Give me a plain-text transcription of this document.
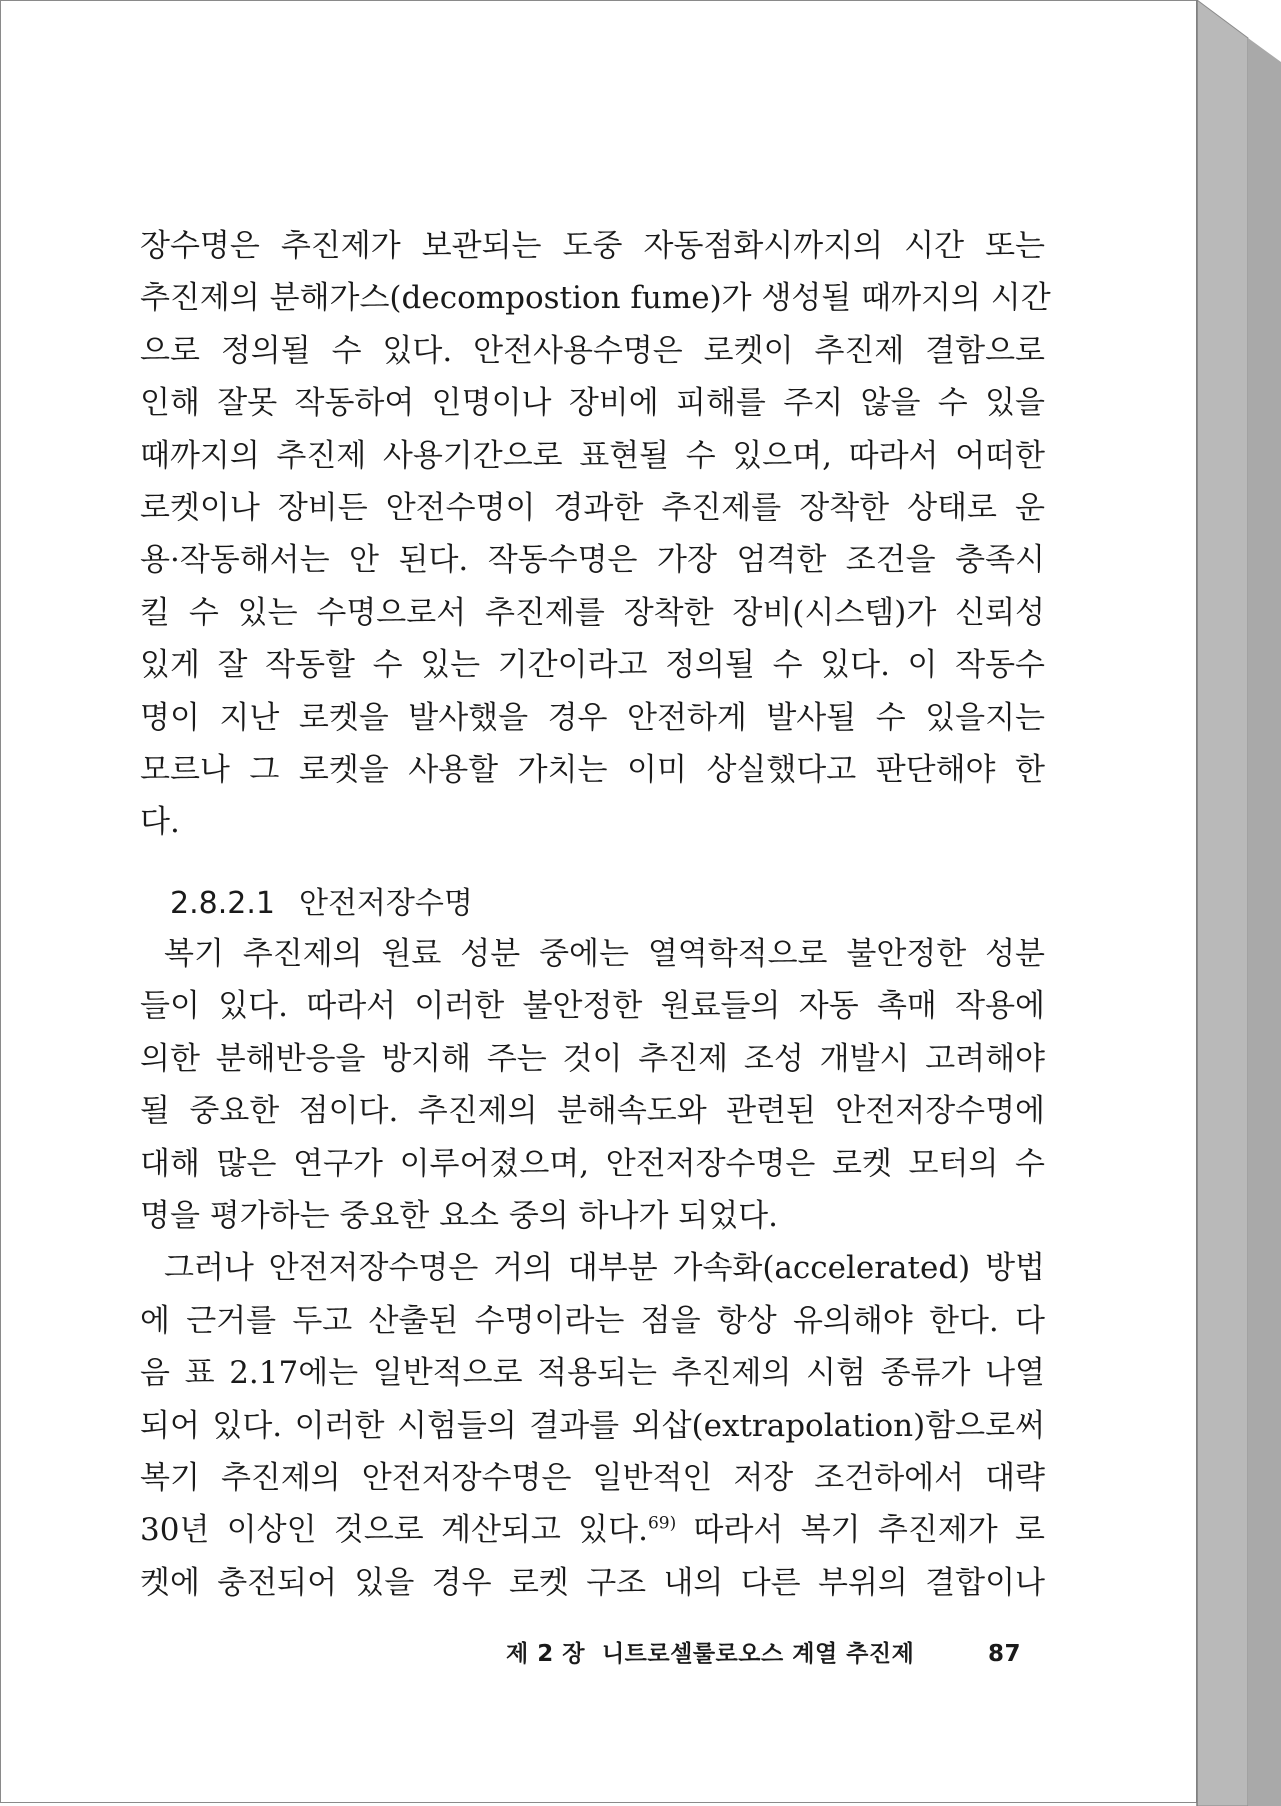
장수명은 추진제가 보관되는 도중 자동점화시까지의 시간 또는
추진제의 분해가스(decompostion fume)가 생성될 때까지의 시간
으로 정의될 수 있다. 안전사용수명은 로켓이 추진제 결함으로
인해 잘못 작동하여 인명이나 장비에 피해를 주지 않을 수 있을
때까지의 추진제 사용기간으로 표현될 수 있으며, 따라서 어떠한
로켓이나 장비든 안전수명이 경과한 추진제를 장착한 상태로 운
용·작동해서는 안 된다. 작동수명은 가장 엄격한 조건을 충족시
킬 수 있는 수명으로서 추진제를 장착한 장비(시스템)가 신뢰성
있게 잘 작동할 수 있는 기간이라고 정의될 수 있다. 이 작동수
명이 지난 로켓을 발사했을 경우 안전하게 발사될 수 있을지는
모르나 그 로켓을 사용할 가치는 이미 상실했다고 판단해야 한
다.
2.8.2.1 안전저장수명
복기 추진제의 원료 성분 중에는 열역학적으로 불안정한 성분
들이 있다. 따라서 이러한 불안정한 원료들의 자동 촉매 작용에
의한 분해반응을 방지해 주는 것이 추진제 조성 개발시 고려해야
될 중요한 점이다. 추진제의 분해속도와 관련된 안전저장수명에
대해 많은 연구가 이루어졌으며, 안전저장수명은 로켓 모터의 수
명을 평가하는 중요한 요소 중의 하나가 되었다.
그러나 안전저장수명은 거의 대부분 가속화(accelerated) 방법
에 근거를 두고 산출된 수명이라는 점을 항상 유의해야 한다. 다
음 표 2.17에는 일반적으로 적용되는 추진제의 시험 종류가 나열
되어 있다. 이러한 시험들의 결과를 외삽(extrapolation)함으로써
복기 추진제의 안전저장수명은 일반적인 저장 조건하에서 대략
30년 이상인 것으로 계산되고 있다.$^{69)}$ 따라서 복기 추진제가 로
켓에 충전되어 있을 경우 로켓 구조 내의 다른 부위의 결합이나
제 2 장  니트로셀룰로오스 계열 추진제	87
